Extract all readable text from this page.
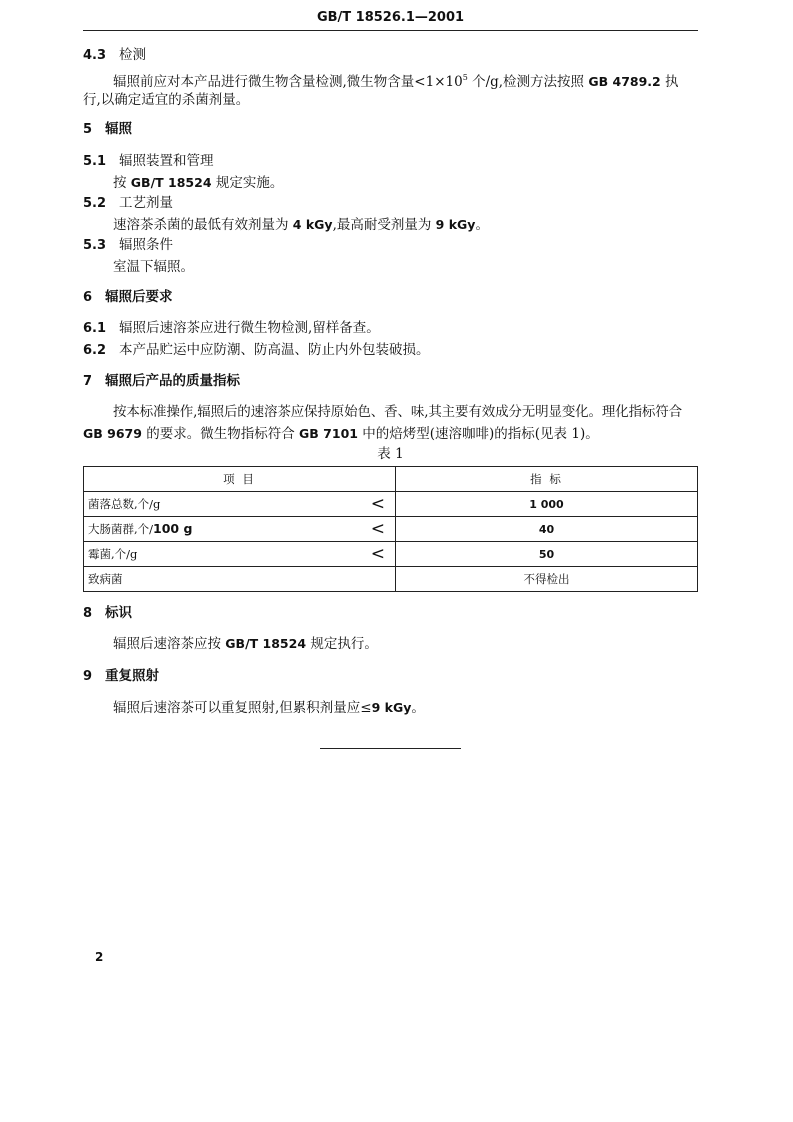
GB/T 18526.1—2001
4.3 检测
辐照前应对本产品进行微生物含量检测,微生物含量$<1\times 10^5$ 个/g,检测方法按照 GB 4789.2 执
行,以确定适宜的杀菌剂量。
5 辐照
5.1 辐照装置和管理
按 GB/T 18524 规定实施。
5.2 工艺剂量
速溶茶杀菌的最低有效剂量为 4 kGy,最高耐受剂量为 9 kGy。
5.3 辐照条件
室温下辐照。
6 辐照后要求
6.1 辐照后速溶茶应进行微生物检测,留样备查。
6.2 本产品贮运中应防潮、防高温、防止内外包装破损。
7 辐照后产品的质量指标
按本标准操作,辐照后的速溶茶应保持原始色、香、味,其主要有效成分无明显变化。理化指标符合
GB 9679 的要求。微生物指标符合 GB 7101 中的焙烤型(速溶咖啡)的指标(见表 1)。
表 1
项 目	指 标

菌落总数,个/g <	1 000

大肠菌群,个/100 g <	40

霉菌,个/g <	50

致病菌	不得检出
8 标识
辐照后速溶茶应按 GB/T 18524 规定执行。
9 重复照射
辐照后速溶茶可以重复照射,但累积剂量应≤9 kGy。
2
